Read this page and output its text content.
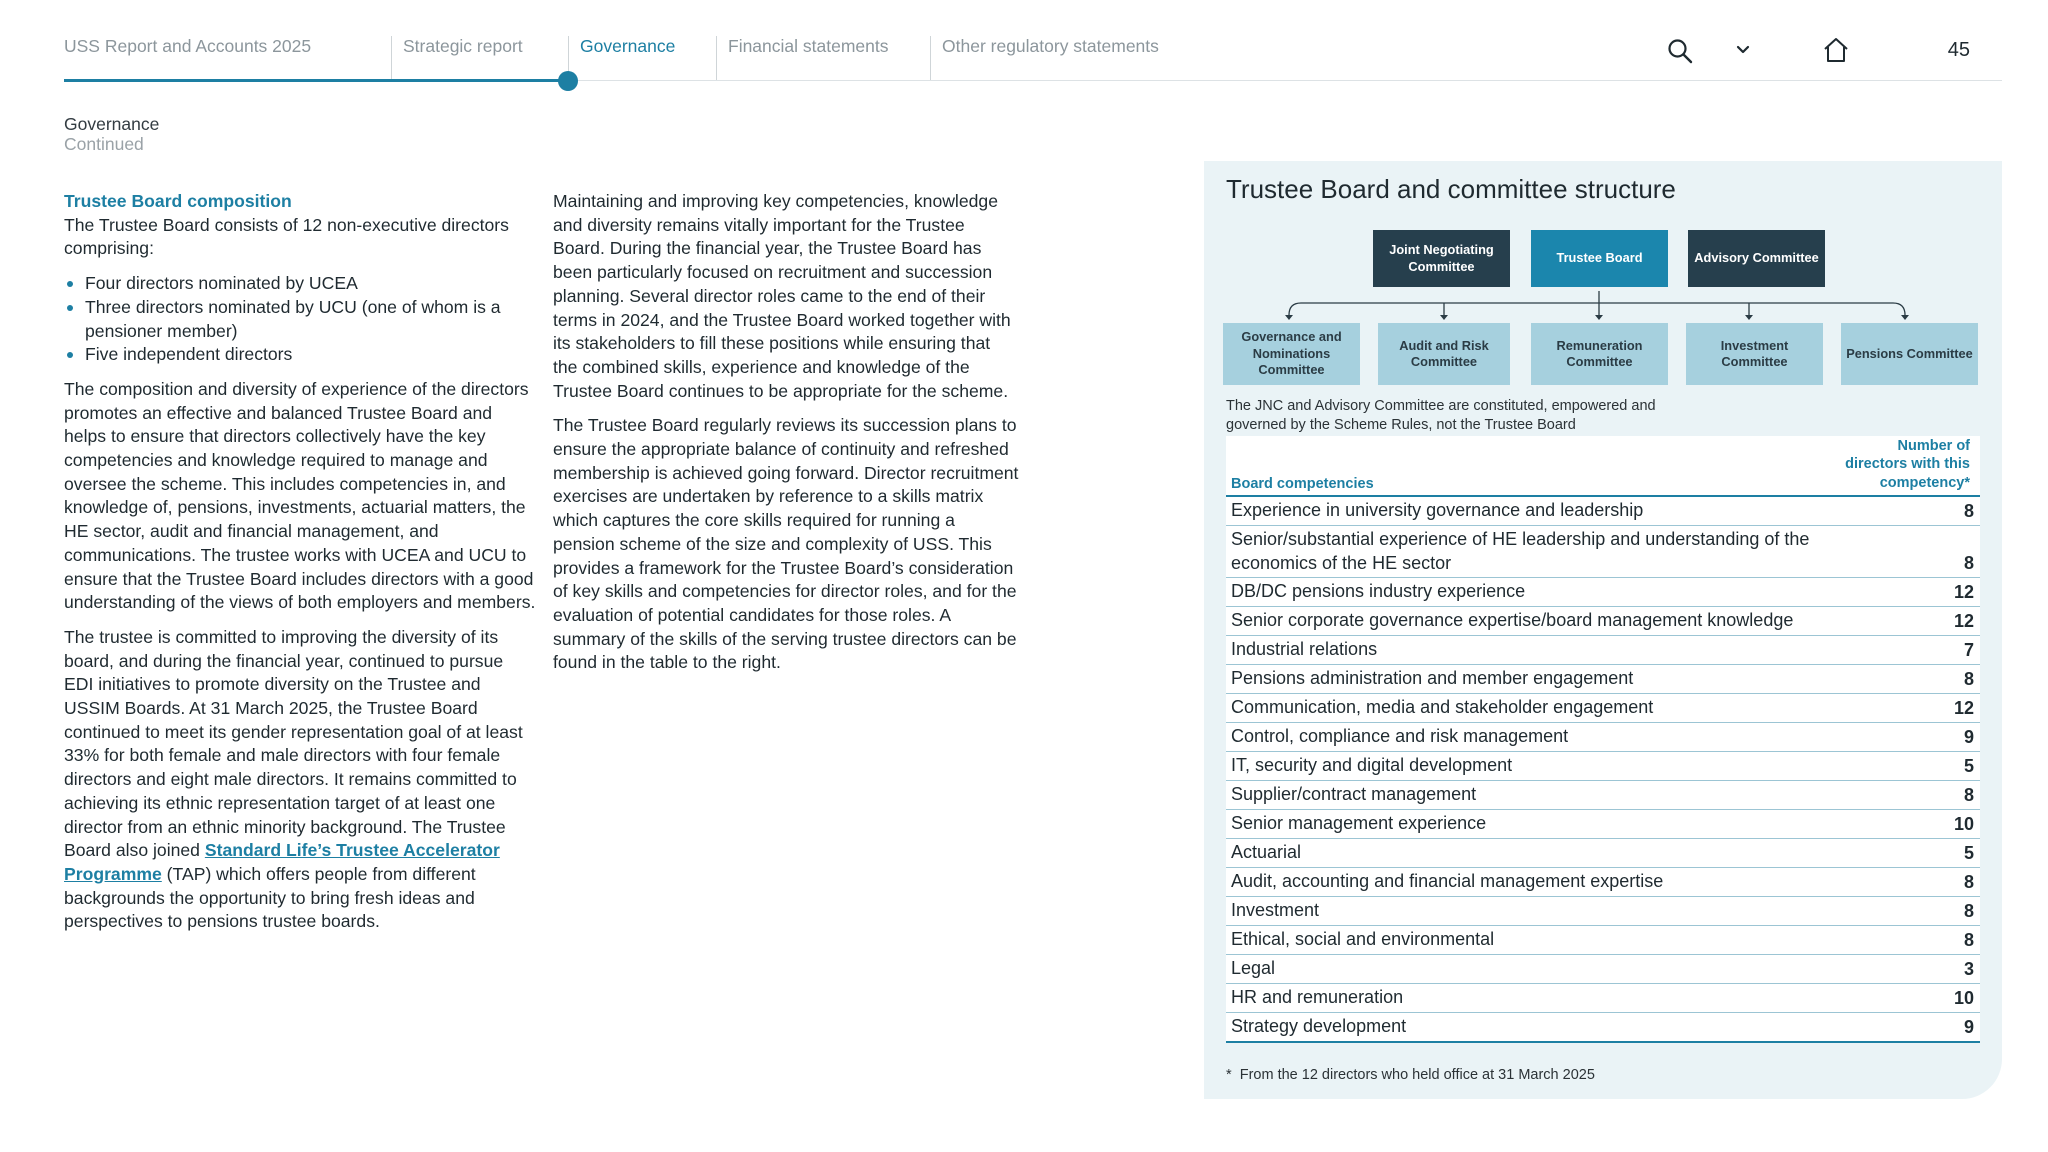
USS Report and Accounts 2025	Strategic report	Governance	Financial statements	Other regulatory statements	45
Governance
Continued
Trustee Board composition

The Trustee Board consists of 12 non-executive directors comprising:

Four directors nominated by UCEA
Three directors nominated by UCU (one of whom is a pensioner member)
Five independent directors

The composition and diversity of experience of the directors promotes an effective and balanced Trustee Board and helps to ensure that directors collectively have the key competencies and knowledge required to manage and oversee the scheme. This includes competencies in, and knowledge of, pensions, investments, actuarial matters, the HE sector, audit and financial management, and communications. The trustee works with UCEA and UCU to ensure that the Trustee Board includes directors with a good understanding of the views of both employers and members.

The trustee is committed to improving the diversity of its board, and during the financial year, continued to pursue EDI initiatives to promote diversity on the Trustee and USSIM Boards. At 31 March 2025, the Trustee Board continued to meet its gender representation goal of at least 33% for both female and male directors with four female directors and eight male directors. It remains committed to achieving its ethnic representation target of at least one director from an ethnic minority background. The Trustee Board also joined Standard Life’s Trustee Accelerator Programme (TAP) which offers people from different backgrounds the opportunity to bring fresh ideas and perspectives to pensions trustee boards.

Maintaining and improving key competencies, knowledge and diversity remains vitally important for the Trustee Board. During the financial year, the Trustee Board has been particularly focused on recruitment and succession planning. Several director roles came to the end of their terms in 2024, and the Trustee Board worked together with its stakeholders to fill these positions while ensuring that the combined skills, experience and knowledge of the Trustee Board continues to be appropriate for the scheme.

The Trustee Board regularly reviews its succession plans to ensure the appropriate balance of continuity and refreshed membership is achieved going forward. Director recruitment exercises are undertaken by reference to a skills matrix which captures the core skills required for running a pension scheme of the size and complexity of USS. This provides a framework for the Trustee Board’s consideration of key skills and competencies for director roles, and for the evaluation of potential candidates for those roles. A summary of the skills of the serving trustee directors can be found in the table to the right.

Trustee Board and committee structure
Joint Negotiating Committee
Trustee Board	Advisory Committee
Governance and Nominations Committee
Audit and Risk Committee
Remuneration Committee
Investment Committee
Pensions Committee
The JNC and Advisory Committee are constituted, empowered and governed by the Scheme Rules, not the Trustee Board
Board competencies
Number of
directors with this
competency*
Experience in university governance and leadership	8
Senior/substantial experience of HE leadership and understanding of the economics of the HE sector	8
DB/DC pensions industry experience	12
Senior corporate governance expertise/board management knowledge	12
Industrial relations	7
Pensions administration and member engagement	8
Communication, media and stakeholder engagement	12
Control, compliance and risk management	9
IT, security and digital development	5
Supplier/contract management	8
Senior management experience	10
Actuarial	5
Audit, accounting and financial management expertise	8
Investment	8
Ethical, social and environmental	8
Legal	3
HR and remuneration	10
Strategy development	9
* From the 12 directors who held office at 31 March 2025
